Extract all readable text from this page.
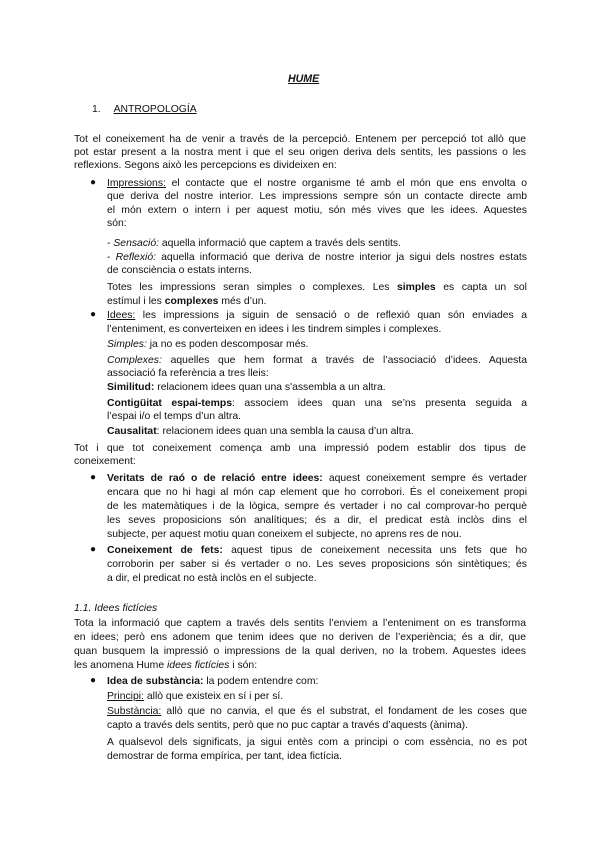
HUME
1. ANTROPOLOGÍA
Tot el coneixement ha de venir a través de la percepció. Entenem per percepció tot allò que
pot estar present a la nostra ment i que el seu origen deriva dels sentits, les passions o les
reflexions. Segons això les percepcions es divideixen en:
● Impressions: el contacte que el nostre organisme té amb el món que ens envolta o
que deriva del nostre interior. Les impressions sempre són un contacte directe amb
el món extern o intern i per aquest motiu, són més vives que les idees. Aquestes
són:
- Sensació: aquella informació que captem a través dels sentits.
- Reflexió: aquella informació que deriva de nostre interior ja sigui dels nostres estats
de consciència o estats interns.
Totes les impressions seran simples o complexes. Les simples es capta un sol
estímul i les complexes més d’un.
● Idees: les impressions ja siguin de sensació o de reflexió quan són enviades a
l’enteniment, es converteixen en idees i les tindrem simples i complexes.
Simples: ja no es poden descomposar més.
Complexes: aquelles que hem format a través de l’associació d’idees. Aquesta
associació fa referència a tres lleis:
Similitud: relacionem idees quan una s'assembla a un altra.
Contigüitat espai-temps: associem idees quan una se’ns presenta seguida a
l’espai i/o el temps d’un altra.
Causalitat: relacionem idees quan una sembla la causa d’un altra.
Tot i que tot coneixement comença amb una impressió podem establir dos tipus de
coneixement:
● Veritats de raó o de relació entre idees: aquest coneixement sempre és vertader
encara que no hi hagi al món cap element que ho corrobori. És el coneixement propi
de les matemàtiques i de la lògica, sempre és vertader i no cal comprovar-ho perquè
les seves proposicions són analítiques; és a dir, el predicat està inclòs dins el
subjecte, per aquest motiu quan coneixem el subjecte, no aprens res de nou.
● Coneixement de fets: aquest tipus de coneixement necessita uns fets que ho
corroborin per saber si és vertader o no. Les seves proposicions són sintètiques; és
a dir, el predicat no està inclòs en el subjecte.
1.1. Idees fictícies
Tota la informació que captem a través dels sentits l’enviem a l’enteniment on es transforma
en idees; però ens adonem que tenim idees que no deriven de l’experiència; és a dir, que
quan busquem la impressió o impressions de la qual deriven, no la trobem. Aquestes idees
les anomena Hume idees fictícies i són:
● Idea de substància: la podem entendre com:
Principi: allò que existeix en sí i per sí.
Substància: allò que no canvia, el que és el substrat, el fondament de les coses que
capto a través dels sentits, però que no puc captar a través d’aquests (ànima).
A qualsevol dels significats, ja sigui entès com a principi o com essència, no es pot
demostrar de forma empírica, per tant, idea fictícia.
